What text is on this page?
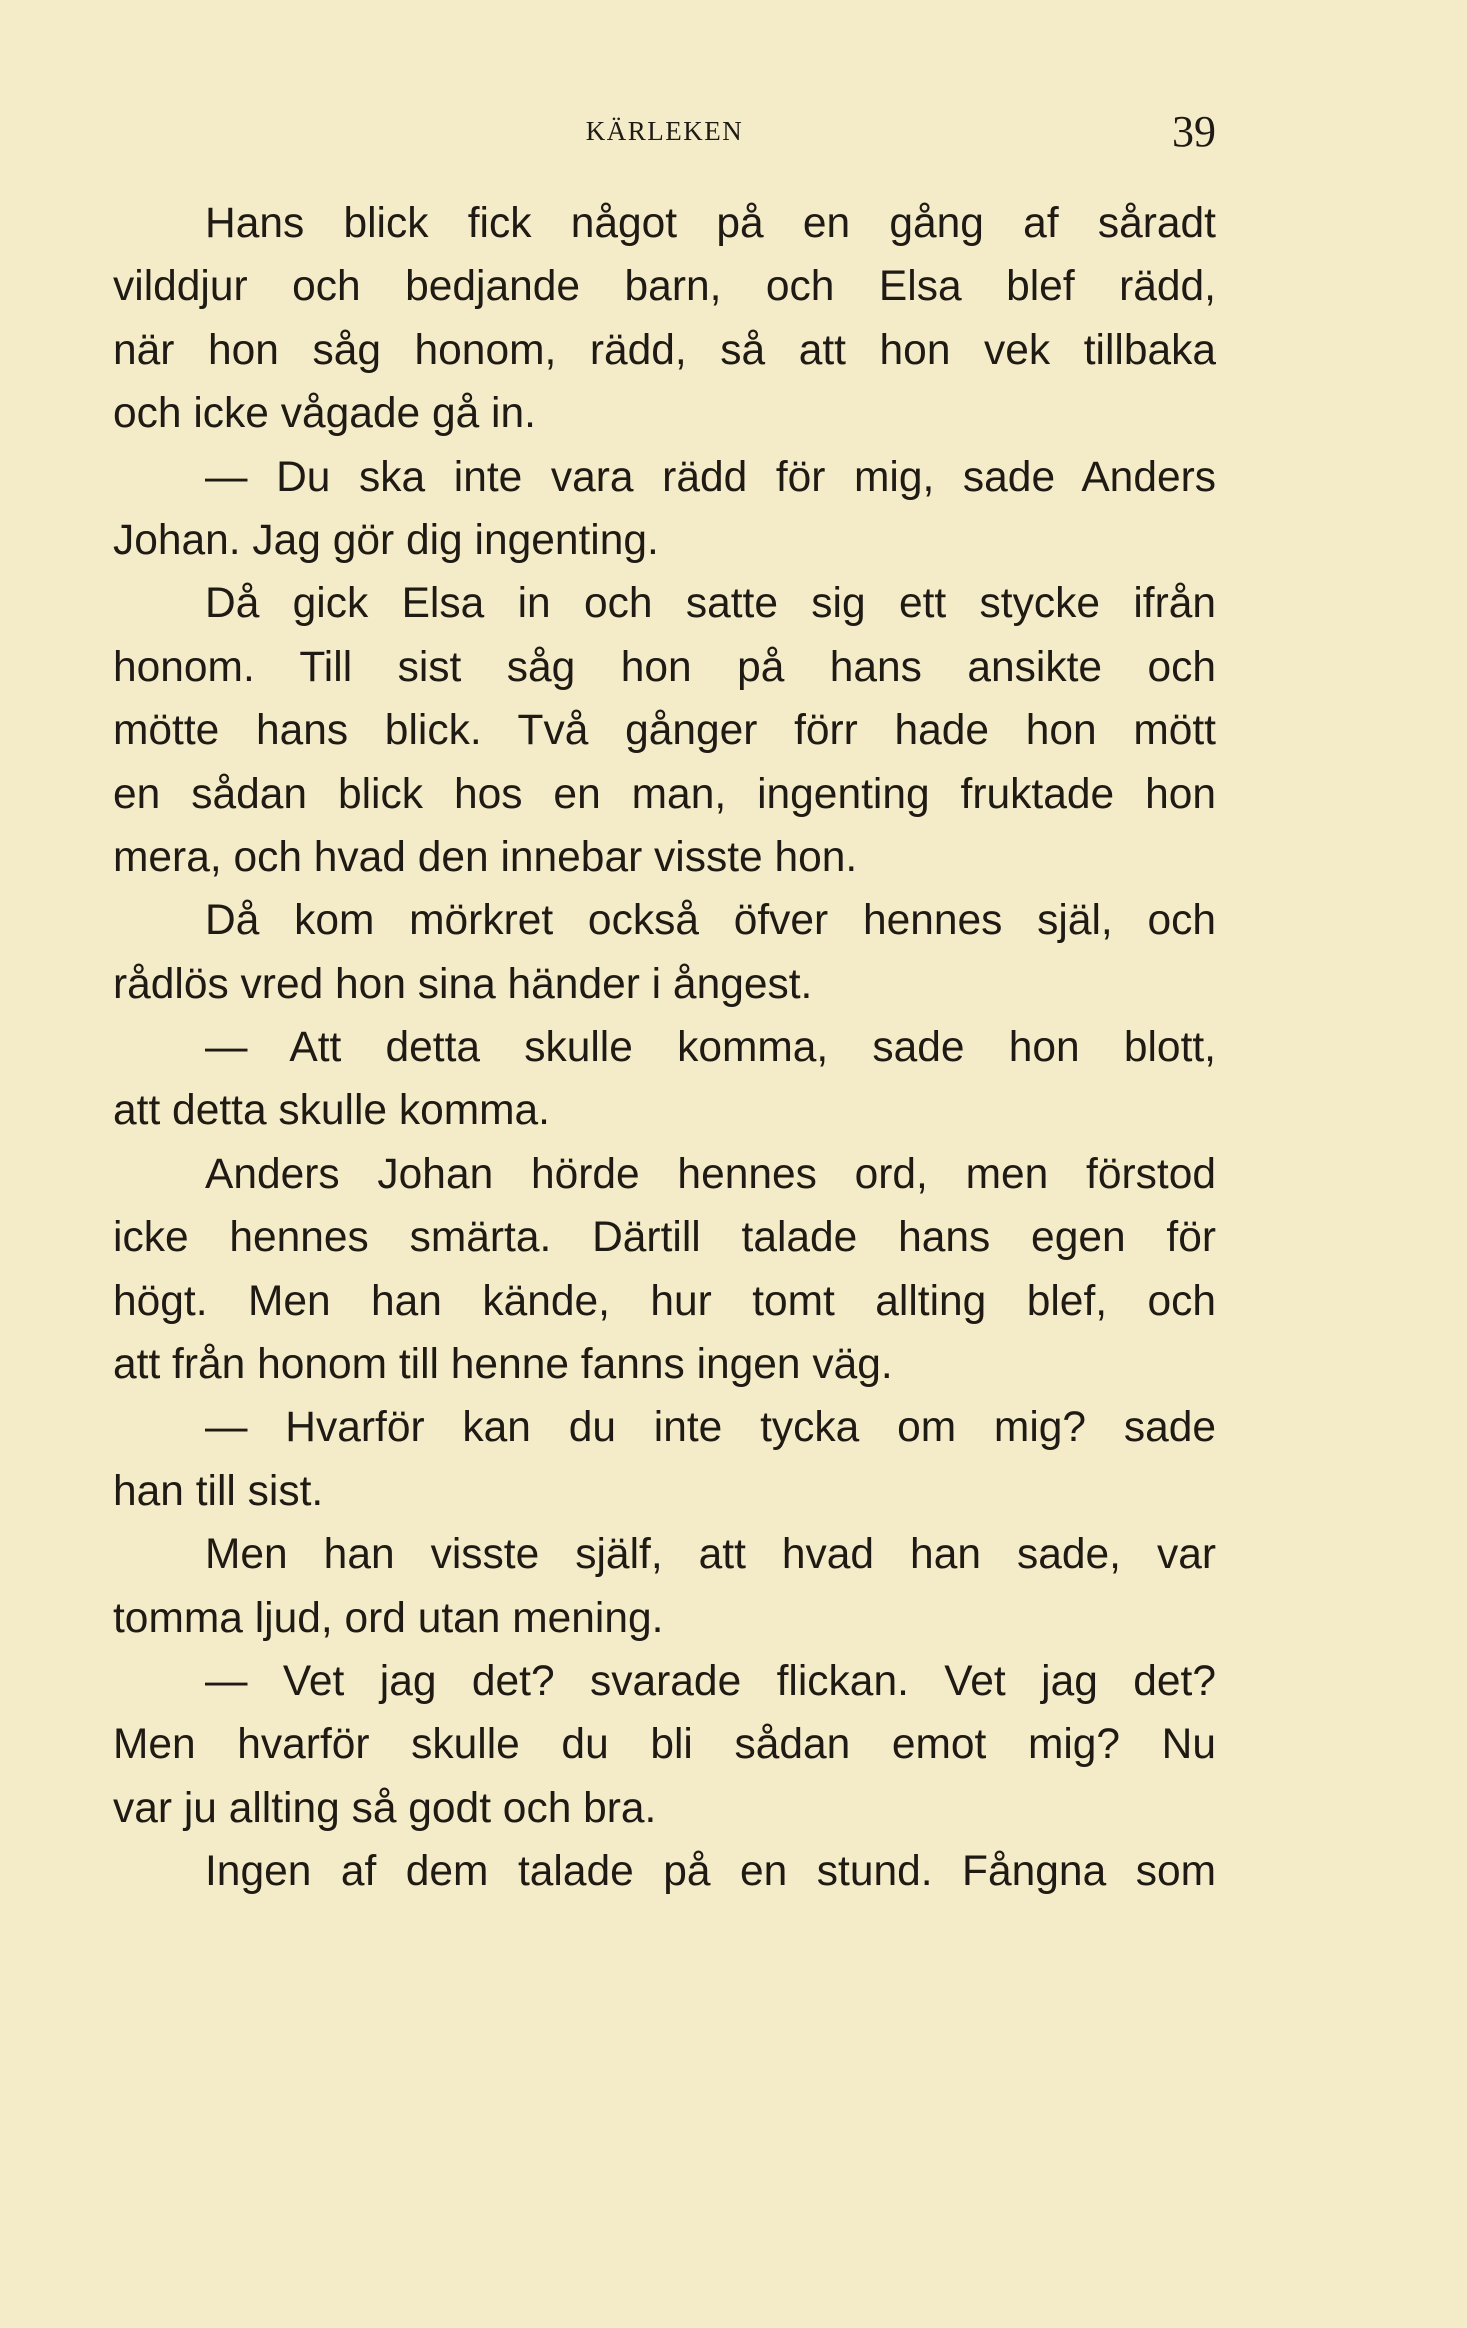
KÄRLEKEN	39
Hans blick fick något på en gång af såradt
vilddjur och bedjande barn, och Elsa blef rädd,
när hon såg honom, rädd, så att hon vek tillbaka
och icke vågade gå in.
— Du ska inte vara rädd för mig, sade Anders
Johan. Jag gör dig ingenting.
Då gick Elsa in och satte sig ett stycke ifrån
honom. Till sist såg hon på hans ansikte och
mötte hans blick. Två gånger förr hade hon mött
en sådan blick hos en man, ingenting fruktade hon
mera, och hvad den innebar visste hon.
Då kom mörkret också öfver hennes själ, och
rådlös vred hon sina händer i ångest.
— Att detta skulle komma, sade hon blott,
att detta skulle komma.
Anders Johan hörde hennes ord, men förstod
icke hennes smärta. Därtill talade hans egen för
högt. Men han kände, hur tomt allting blef, och
att från honom till henne fanns ingen väg.
— Hvarför kan du inte tycka om mig? sade
han till sist.
Men han visste själf, att hvad han sade, var
tomma ljud, ord utan mening.
— Vet jag det? svarade flickan. Vet jag det?
Men hvarför skulle du bli sådan emot mig? Nu
var ju allting så godt och bra.
Ingen af dem talade på en stund. Fångna som
